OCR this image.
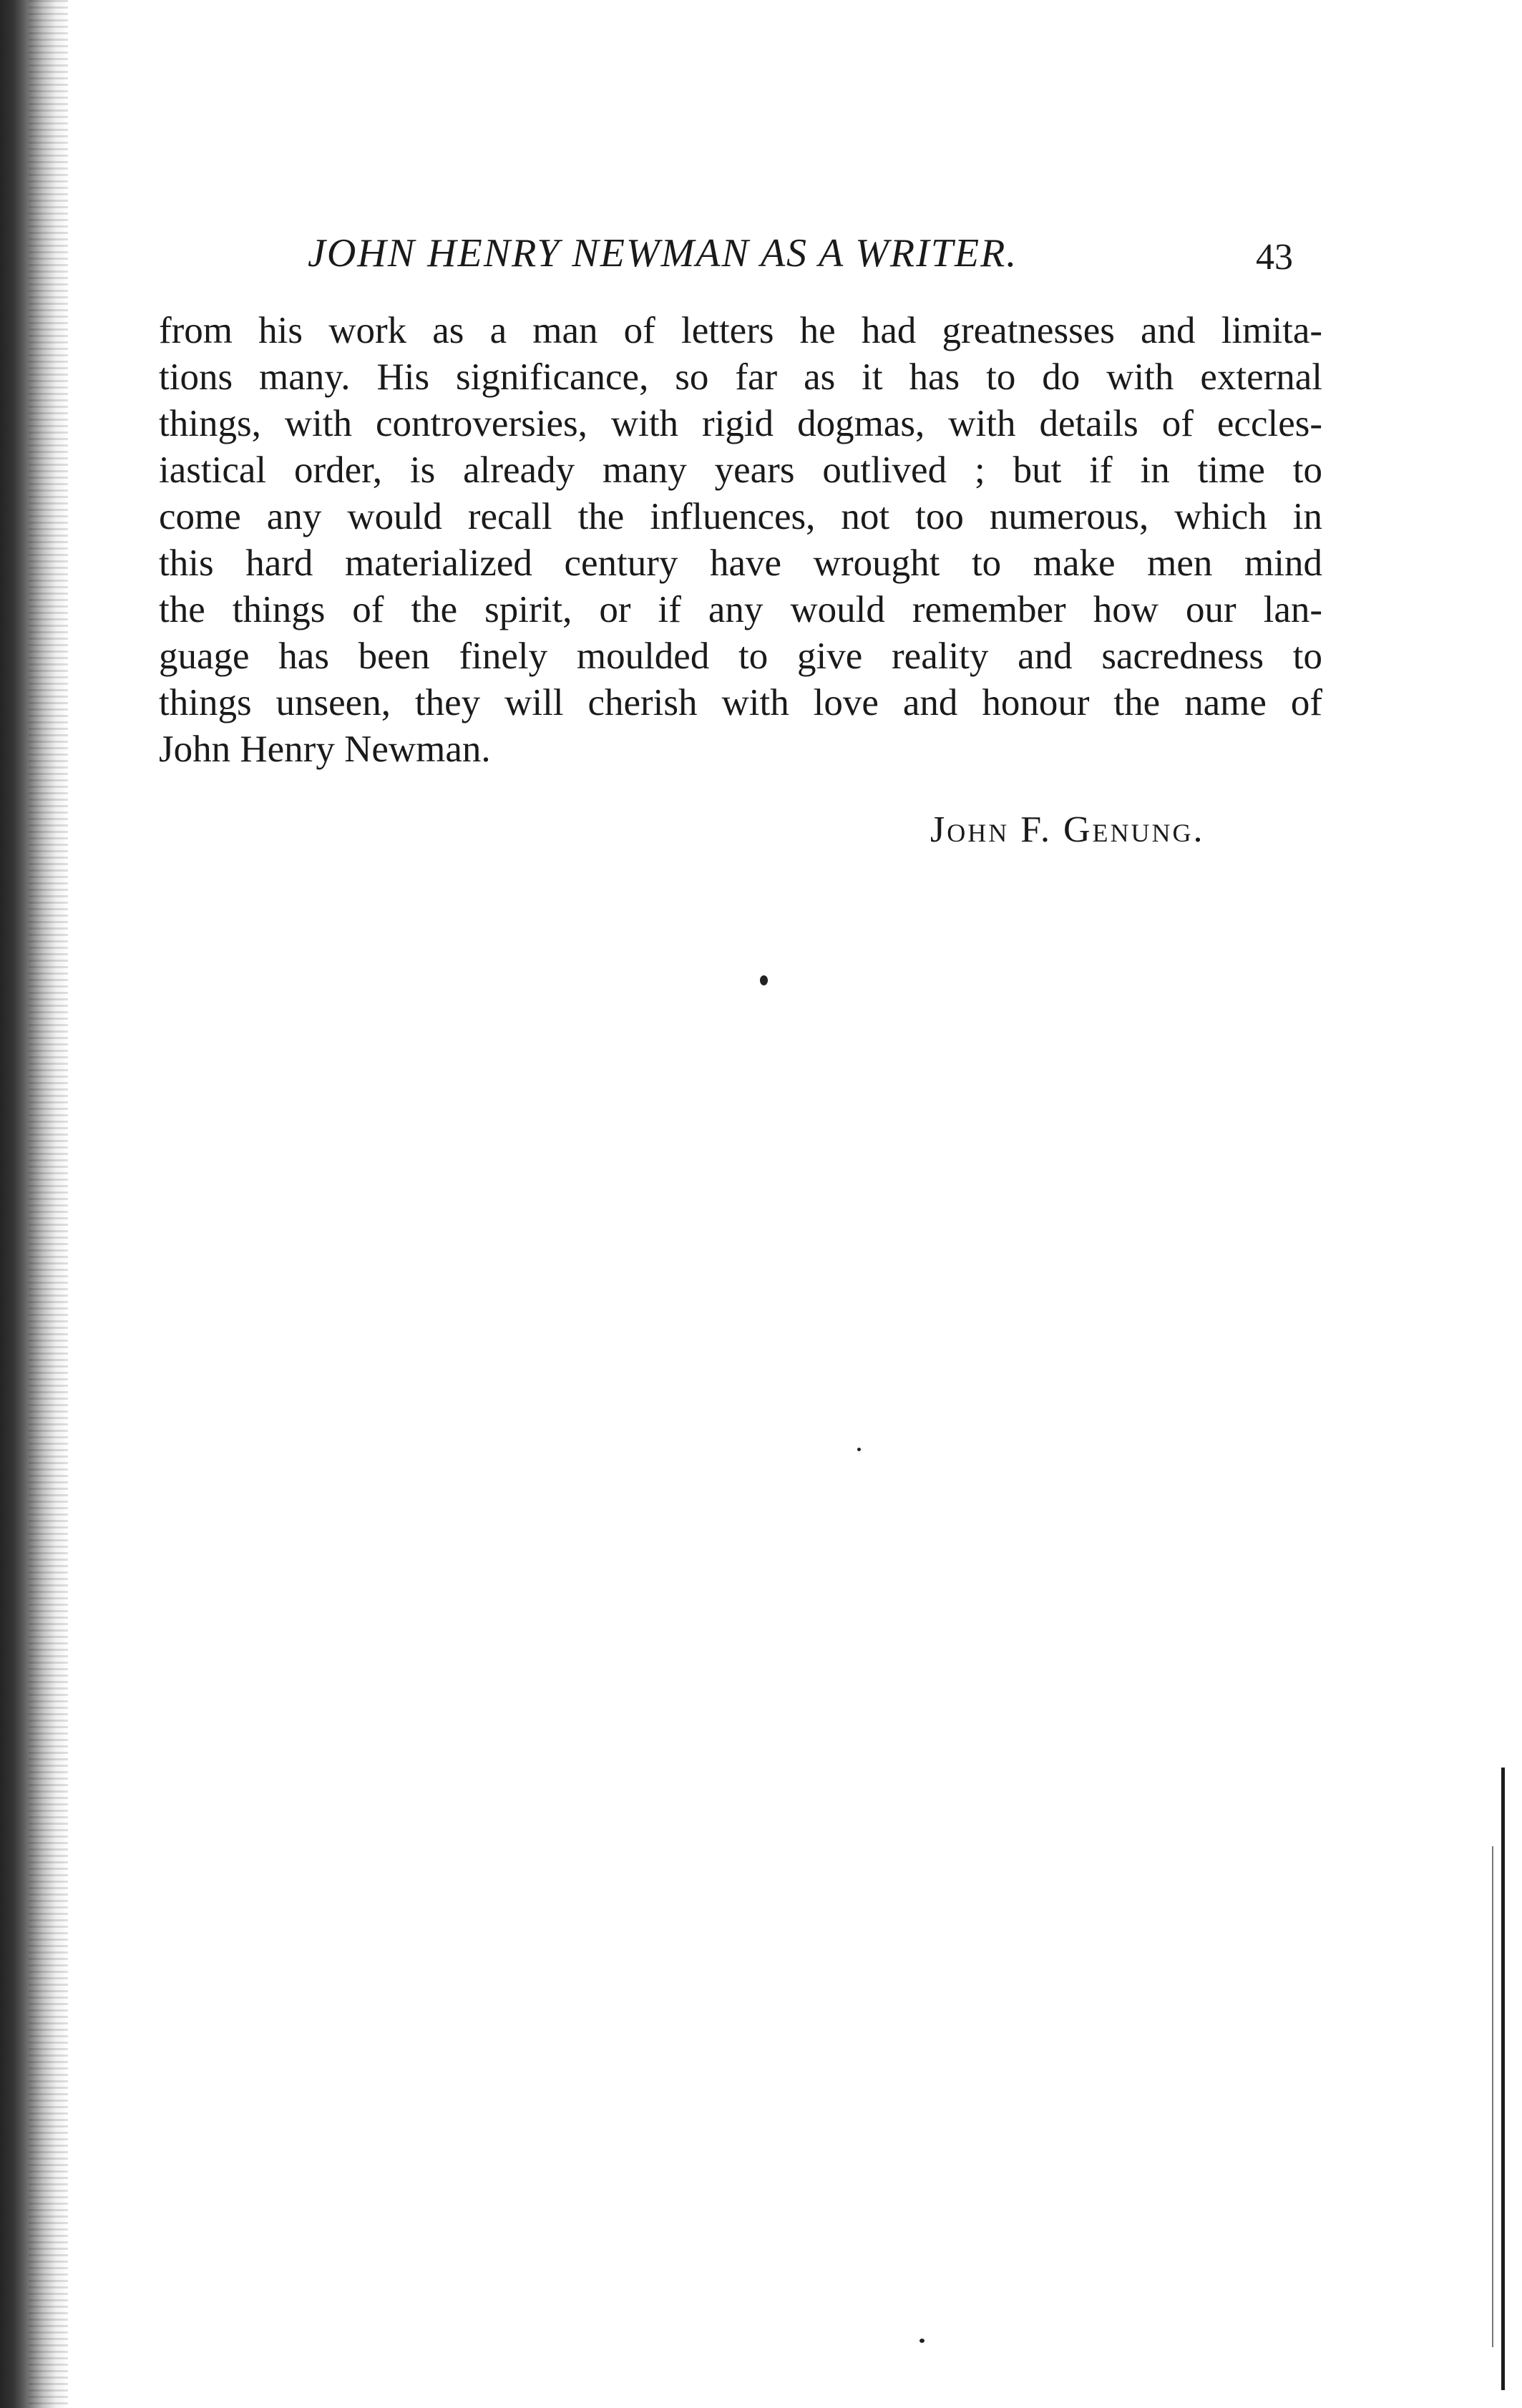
JOHN HENRY NEWMAN AS A WRITER.	43
from his work as a man of letters he had greatnesses and limita-
tions many. His significance, so far as it has to do with external
things, with controversies, with rigid dogmas, with details of eccles-
iastical order, is already many years outlived ; but if in time to
come any would recall the influences, not too numerous, which in
this hard materialized century have wrought to make men mind
the things of the spirit, or if any would remember how our lan-
guage has been finely moulded to give reality and sacredness to
things unseen, they will cherish with love and honour the name of
John Henry Newman.
John F. Genung.
